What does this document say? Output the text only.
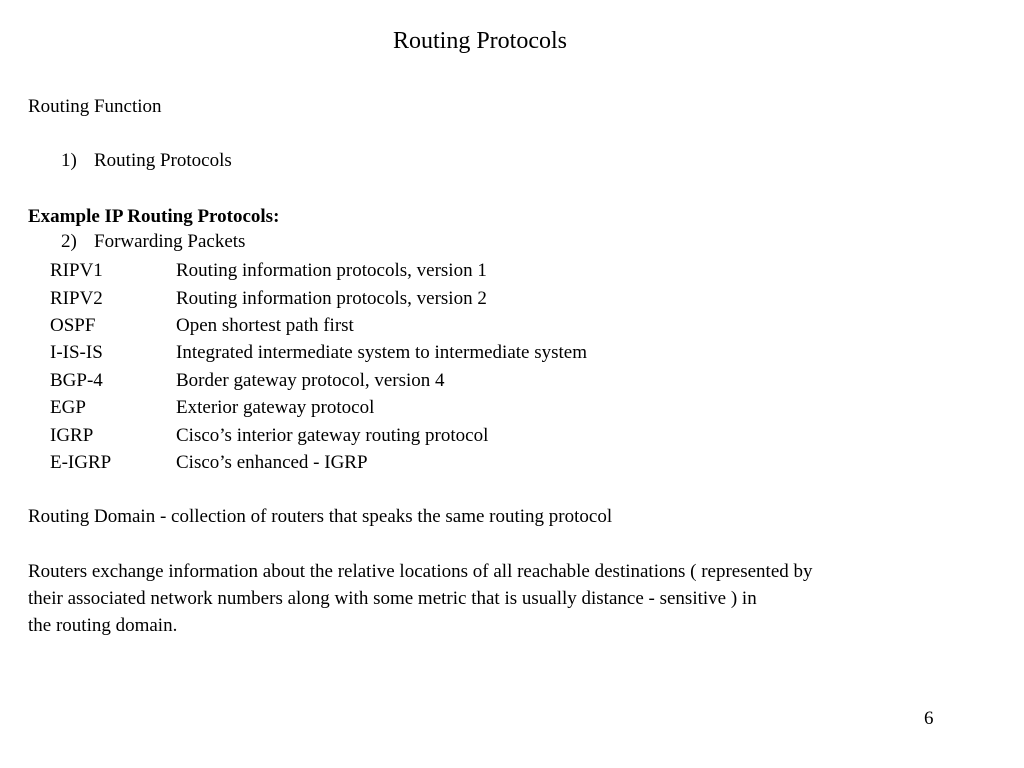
Routing Protocols
Routing Function

1) Routing Protocols

2) Forwarding Packets

Example IP Routing Protocols:
RIPV1	Routing information protocols, version 1
RIPV2	Routing information protocols, version 2
OSPF	Open shortest path first
I-IS-IS	Integrated intermediate system to intermediate system
BGP-4	Border gateway protocol, version 4
EGP	Exterior gateway protocol
IGRP	Cisco’s interior gateway routing protocol
E-IGRP	Cisco’s enhanced - IGRP
Routing Domain - collection of routers that speaks the same routing protocol
Routers exchange information about the relative locations of all reachable destinations ( represented by
their associated network numbers along with some metric that is usually distance - sensitive ) in
the routing domain.
6
